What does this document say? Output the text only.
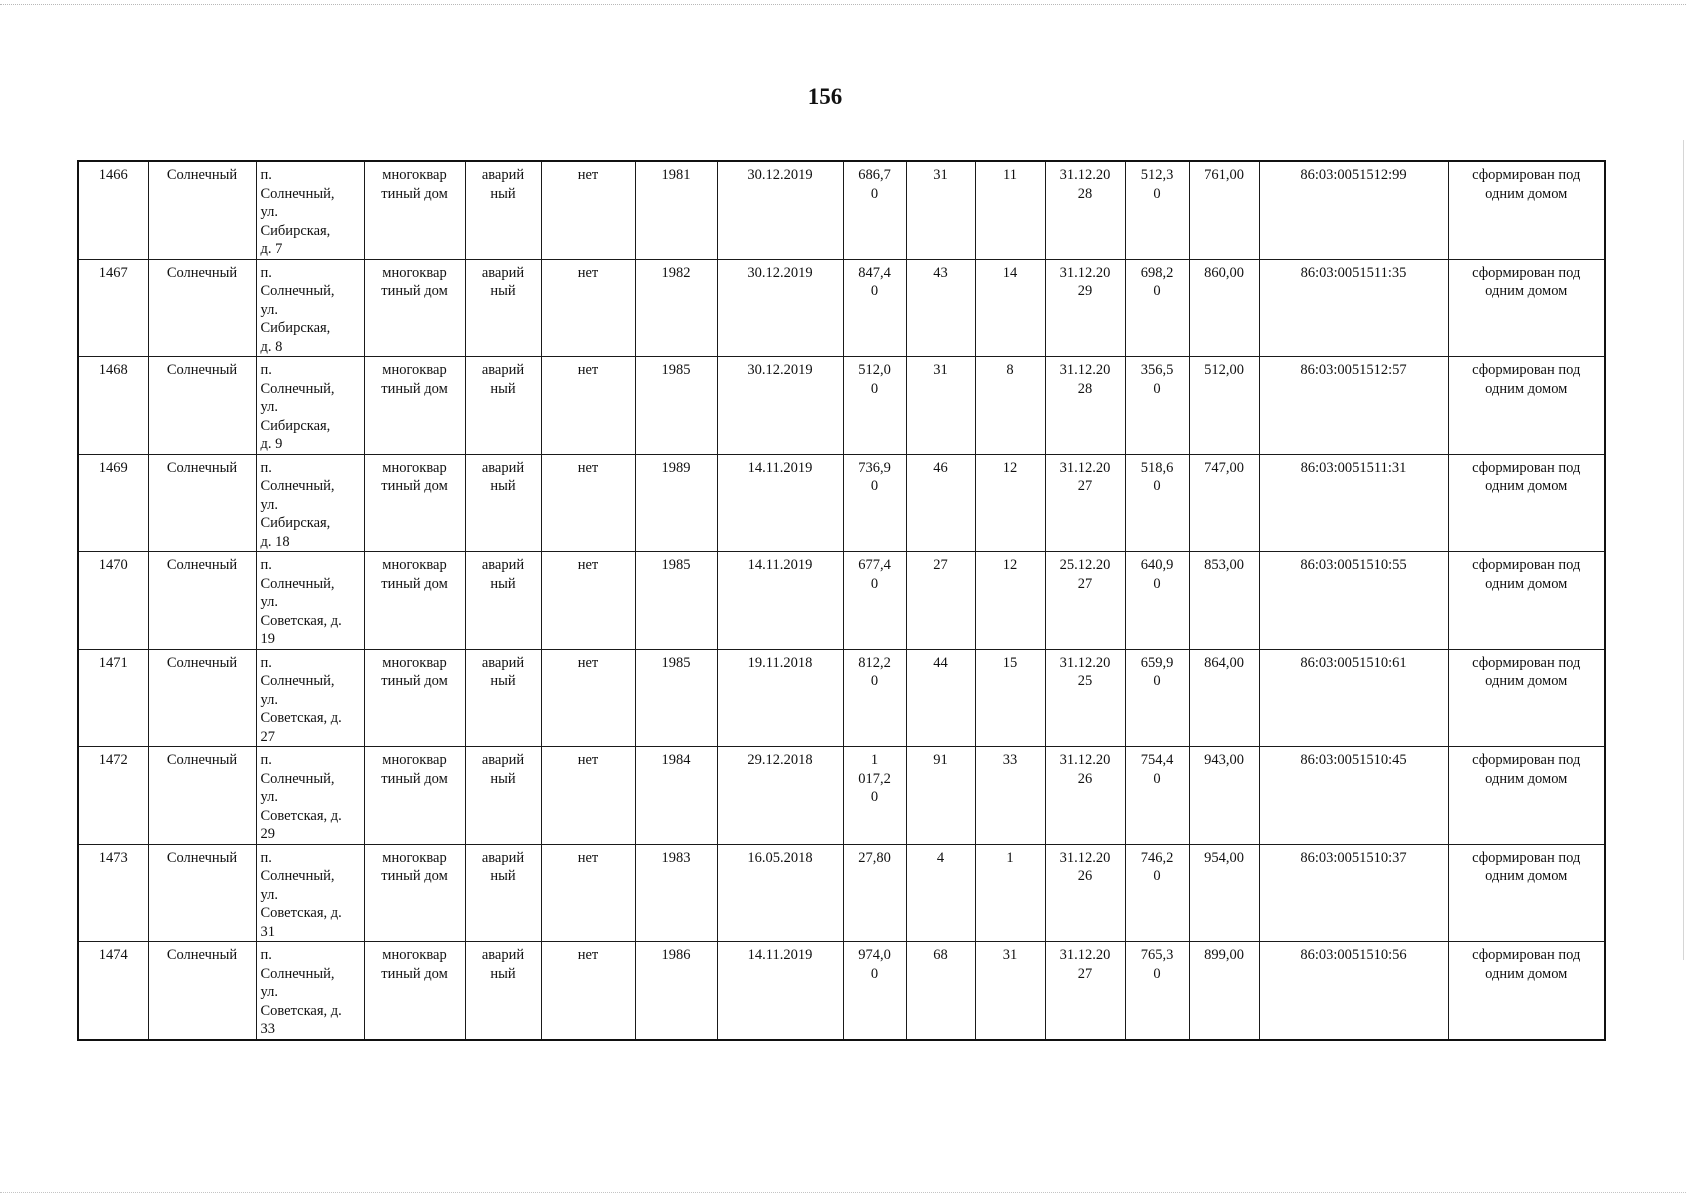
156
1466	Солнечный	п.
Солнечный,
ул.
Сибирская,
д. 7	многоквар
тиный дом	аварий
ный	нет	1981	30.12.2019	686,7
0	31	11	31.12.20
28	512,3
0	761,00	86:03:0051512:99	сформирован под
одним домом

1467	Солнечный	п.
Солнечный,
ул.
Сибирская,
д. 8	многоквар
тиный дом	аварий
ный	нет	1982	30.12.2019	847,4
0	43	14	31.12.20
29	698,2
0	860,00	86:03:0051511:35	сформирован под
одним домом

1468	Солнечный	п.
Солнечный,
ул.
Сибирская,
д. 9	многоквар
тиный дом	аварий
ный	нет	1985	30.12.2019	512,0
0	31	8	31.12.20
28	356,5
0	512,00	86:03:0051512:57	сформирован под
одним домом

1469	Солнечный	п.
Солнечный,
ул.
Сибирская,
д. 18	многоквар
тиный дом	аварий
ный	нет	1989	14.11.2019	736,9
0	46	12	31.12.20
27	518,6
0	747,00	86:03:0051511:31	сформирован под
одним домом

1470	Солнечный	п.
Солнечный,
ул.
Советская, д.
19	многоквар
тиный дом	аварий
ный	нет	1985	14.11.2019	677,4
0	27	12	25.12.20
27	640,9
0	853,00	86:03:0051510:55	сформирован под
одним домом

1471	Солнечный	п.
Солнечный,
ул.
Советская, д.
27	многоквар
тиный дом	аварий
ный	нет	1985	19.11.2018	812,2
0	44	15	31.12.20
25	659,9
0	864,00	86:03:0051510:61	сформирован под
одним домом

1472	Солнечный	п.
Солнечный,
ул.
Советская, д.
29	многоквар
тиный дом	аварий
ный	нет	1984	29.12.2018	1
017,2
0	91	33	31.12.20
26	754,4
0	943,00	86:03:0051510:45	сформирован под
одним домом

1473	Солнечный	п.
Солнечный,
ул.
Советская, д.
31	многоквар
тиный дом	аварий
ный	нет	1983	16.05.2018	27,80	4	1	31.12.20
26	746,2
0	954,00	86:03:0051510:37	сформирован под
одним домом

1474	Солнечный	п.
Солнечный,
ул.
Советская, д.
33	многоквар
тиный дом	аварий
ный	нет	1986	14.11.2019	974,0
0	68	31	31.12.20
27	765,3
0	899,00	86:03:0051510:56	сформирован под
одним домом
